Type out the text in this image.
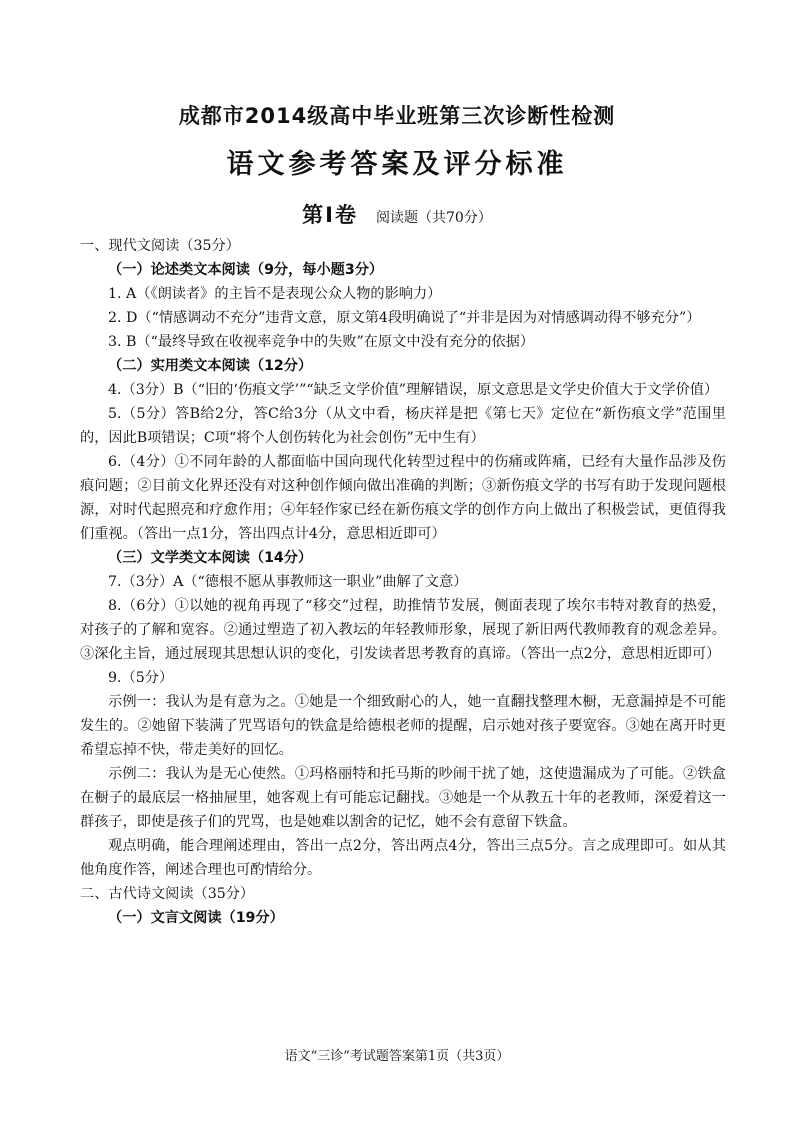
成都市2014级高中毕业班第三次诊断性检测
语文参考答案及评分标准
第Ⅰ卷 阅读题（共70分）

一、现代文阅读（35分）

（一）论述类文本阅读（9分，每小题3分）

1. A（《朗读者》的主旨不是表现公众人物的影响力）

2. D（“情感调动不充分”违背文意，原文第4段明确说了“并非是因为对情感调动得不够充分”）

3. B（“最终导致在收视率竞争中的失败”在原文中没有充分的依据）

（二）实用类文本阅读（12分）

4.（3分）B（“旧的‘伤痕文学’”“缺乏文学价值”理解错误，原文意思是文学史价值大于文学价值）

5.（5分）答B给2分，答C给3分（从文中看，杨庆祥是把《第七天》定位在“新伤痕文学”范围里的，因此B项错误；C项“将个人创伤转化为社会创伤”无中生有）

6.（4分）①不同年龄的人都面临中国向现代化转型过程中的伤痛或阵痛，已经有大量作品涉及伤痕问题；②目前文化界还没有对这种创作倾向做出准确的判断；③新伤痕文学的书写有助于发现问题根源，对时代起照亮和疗愈作用；④年轻作家已经在新伤痕文学的创作方向上做出了积极尝试，更值得我们重视。（答出一点1分，答出四点计4分，意思相近即可）

（三）文学类文本阅读（14分）

7.（3分）A（“德根不愿从事教师这一职业”曲解了文意）

8.（6分）①以她的视角再现了“移交”过程，助推情节发展，侧面表现了埃尔韦特对教育的热爱，对孩子的了解和宽容。②通过塑造了初入教坛的年轻教师形象，展现了新旧两代教师教育的观念差异。③深化主旨，通过展现其思想认识的变化，引发读者思考教育的真谛。（答出一点2分，意思相近即可）

9.（5分）

示例一：我认为是有意为之。①她是一个细致耐心的人，她一直翻找整理木橱，无意漏掉是不可能发生的。②她留下装满了咒骂语句的铁盒是给德根老师的提醒，启示她对孩子要宽容。③她在离开时更希望忘掉不快，带走美好的回忆。

示例二：我认为是无心使然。①玛格丽特和托马斯的吵闹干扰了她，这使遗漏成为了可能。②铁盒在橱子的最底层一格抽屉里，她客观上有可能忘记翻找。③她是一个从教五十年的老教师，深爱着这一群孩子，即使是孩子们的咒骂，也是她难以割舍的记忆，她不会有意留下铁盒。

观点明确，能合理阐述理由，答出一点2分，答出两点4分，答出三点5分。言之成理即可。如从其他角度作答，阐述合理也可酌情给分。

二、古代诗文阅读（35分）

（一）文言文阅读（19分）

语文“三诊”考试题答案第1页（共3页）
